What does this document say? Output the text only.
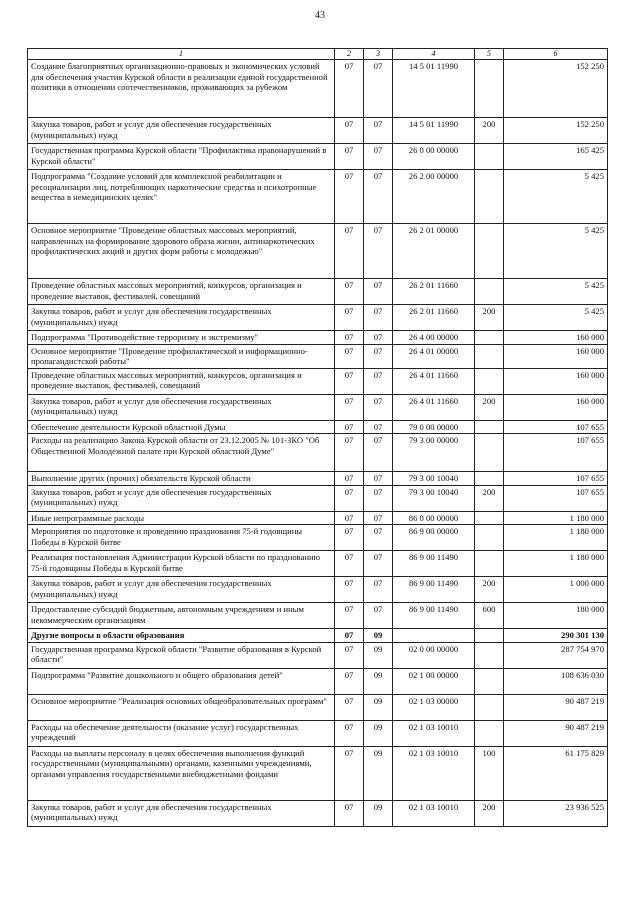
43
1	2	3	4	5	6
Создание благоприятных организационно-правовых и экономических условий для обеспечения участия Курской области в реализации единой государственной политики в отношении соотечественников, проживающих за рубежом	07	07	14 5 01 11990		152 250
Закупка товаров, работ и услуг для обеспечения государственных (муниципальных) нужд	07	07	14 5 01 11990	200	152 250
Государственная программа Курской области "Профилактика правонарушений в Курской области"	07	07	26 0 00 00000		165 425
Подпрограмма "Создание условий для комплексной реабилитации и ресоциализации лиц, потребляющих наркотические средства и психотропные вещества в немедицинских целях"	07	07	26 2 00 00000		5 425
Основное мероприятие "Проведение областных массовых мероприятий, направленных на формирование здорового образа жизни, антинаркотических профилактических акций и других форм работы с молодежью"	07	07	26 2 01 00000		5 425
Проведение областных массовых мероприятий, конкурсов, организация и проведение выставок, фестивалей, совещаний	07	07	26 2 01 11660		5 425
Закупка товаров, работ и услуг для обеспечения государственных (муниципальных) нужд	07	07	26 2 01 11660	200	5 425
Подпрограмма "Противодействие терроризму и экстремизму"	07	07	26 4 00 00000		160 000
Основное мероприятие "Проведение профилактической и информационно-пропагандистской работы"	07	07	26 4 01 00000		160 000
Проведение областных массовых мероприятий, конкурсов, организация и проведение выставок, фестивалей, совещаний	07	07	26 4 01 11660		160 000
Закупка товаров, работ и услуг для обеспечения государственных (муниципальных) нужд	07	07	26 4 01 11660	200	160 000
Обеспечение деятельности Курской областной Думы	07	07	79 0 00 00000		107 655
Расходы на реализацию Закона Курской области от 23.12.2005 № 101-ЗКО "Об Общественной Молодежной палате при Курской областной Думе"	07	07	79 3 00 00000		107 655
Выполнение других (прочих) обязательств Курской области	07	07	79 3 00 10040		107 655
Закупка товаров, работ и услуг для обеспечения государственных (муниципальных) нужд	07	07	79 3 00 10040	200	107 655
Иные непрограммные расходы	07	07	86 0 00 00000		1 180 000
Мероприятия по подготовке и проведению празднования 75-й годовщины Победы в Курской битве	07	07	86 9 00 00000		1 180 000
Реализация постановления Администрации Курской области по празднованию 75-й годовщины Победы в Курской битве	07	07	86 9 00 11490		1 180 000
Закупка товаров, работ и услуг для обеспечения государственных (муниципальных) нужд	07	07	86 9 00 11490	200	1 000 000
Предоставление субсидий бюджетным, автономным учреждениям и иным некоммерческим организациям	07	07	86 9 00 11490	600	180 000
Другие вопросы в области образования	07	09			290 301 130
Государственная программа Курской области "Развитие образования в Курской области"	07	09	02 0 00 00000		287 754 970
Подпрограмма "Развитие дошкольного и общего образования детей"	07	09	02 1 00 00000		108 636 030
Основное мероприятие "Реализация основных общеобразовательных программ"	07	09	02 1 03 00000		90 487 219
Расходы на обеспечение деятельности (оказание услуг) государственных учреждений	07	09	02 1 03 10010		90 487 219
Расходы на выплаты персоналу в целях обеспечения выполнения функций государственными (муниципальными) органами, казенными учреждениями, органами управления государственными внебюджетными фондами	07	09	02 1 03 10010	100	61 175 829
Закупка товаров, работ и услуг для обеспечения государственных (муниципальных) нужд	07	09	02 1 03 10010	200	23 936 525
